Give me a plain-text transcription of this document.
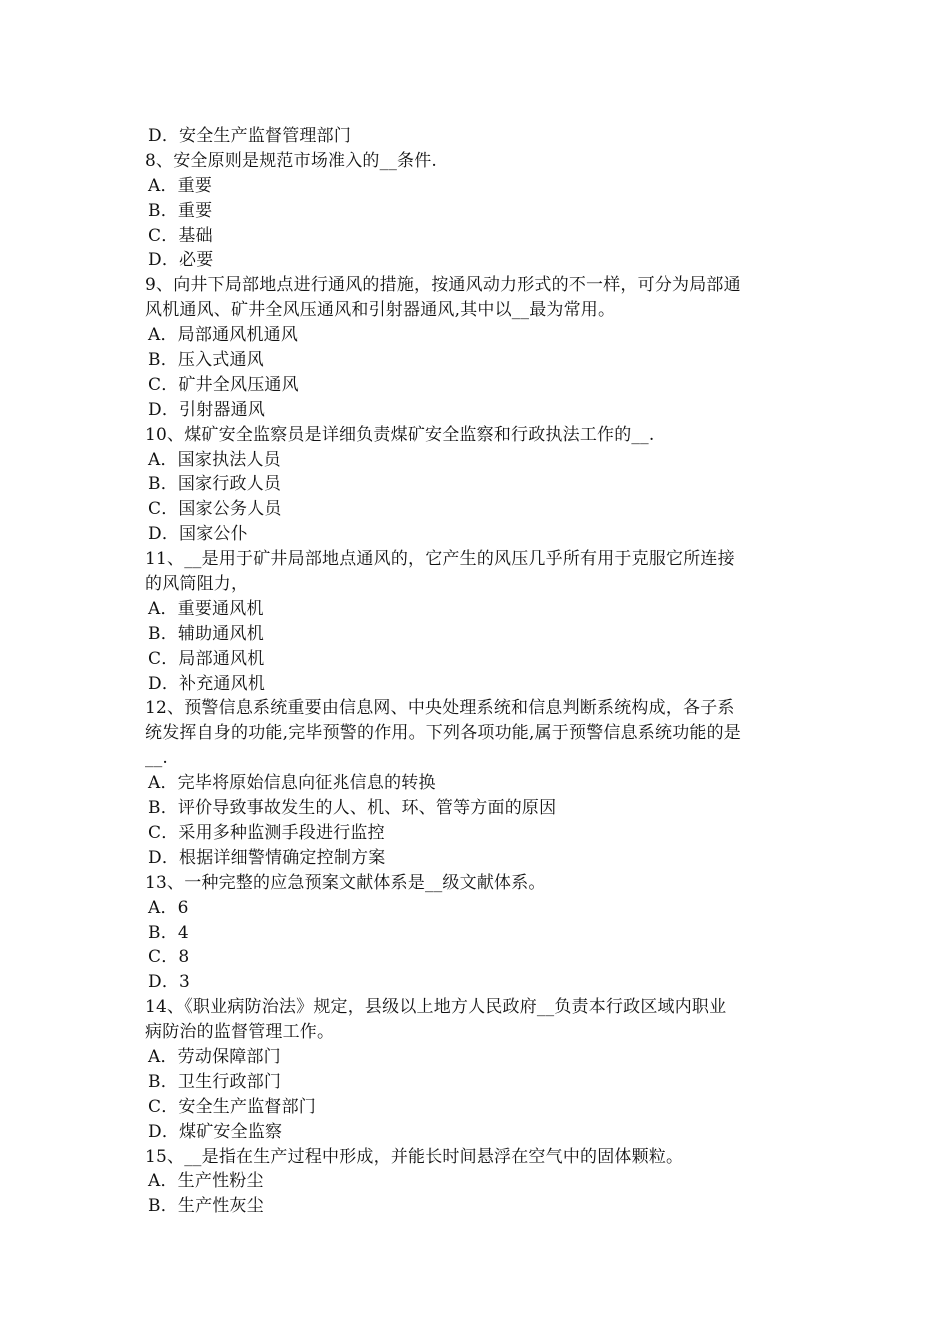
D．安全生产监督管理部门
8、安全原则是规范市场准入的__条件.
A．重要
B．重要
C．基础
D．必要
9、向井下局部地点进行通风的措施，按通风动力形式的不一样，可分为局部通
风机通风、矿井全风压通风和引射器通风,其中以__最为常用。
A．局部通风机通风
B．压入式通风
C．矿井全风压通风
D．引射器通风
10、煤矿安全监察员是详细负责煤矿安全监察和行政执法工作的__.
A．国家执法人员
B．国家行政人员
C．国家公务人员
D．国家公仆
11、__是用于矿井局部地点通风的，它产生的风压几乎所有用于克服它所连接
的风筒阻力，
A．重要通风机
B．辅助通风机
C．局部通风机
D．补充通风机
12、预警信息系统重要由信息网、中央处理系统和信息判断系统构成，各子系
统发挥自身的功能,完毕预警的作用。下列各项功能,属于预警信息系统功能的是
__.
A．完毕将原始信息向征兆信息的转换
B．评价导致事故发生的人、机、环、管等方面的原因
C．采用多种监测手段进行监控
D．根据详细警情确定控制方案
13、一种完整的应急预案文献体系是__级文献体系。
A．6
B．4
C．8
D．3
14、《职业病防治法》规定，县级以上地方人民政府__负责本行政区域内职业
病防治的监督管理工作。
A．劳动保障部门
B．卫生行政部门
C．安全生产监督部门
D．煤矿安全监察
15、__是指在生产过程中形成，并能长时间悬浮在空气中的固体颗粒。
A．生产性粉尘
B．生产性灰尘
